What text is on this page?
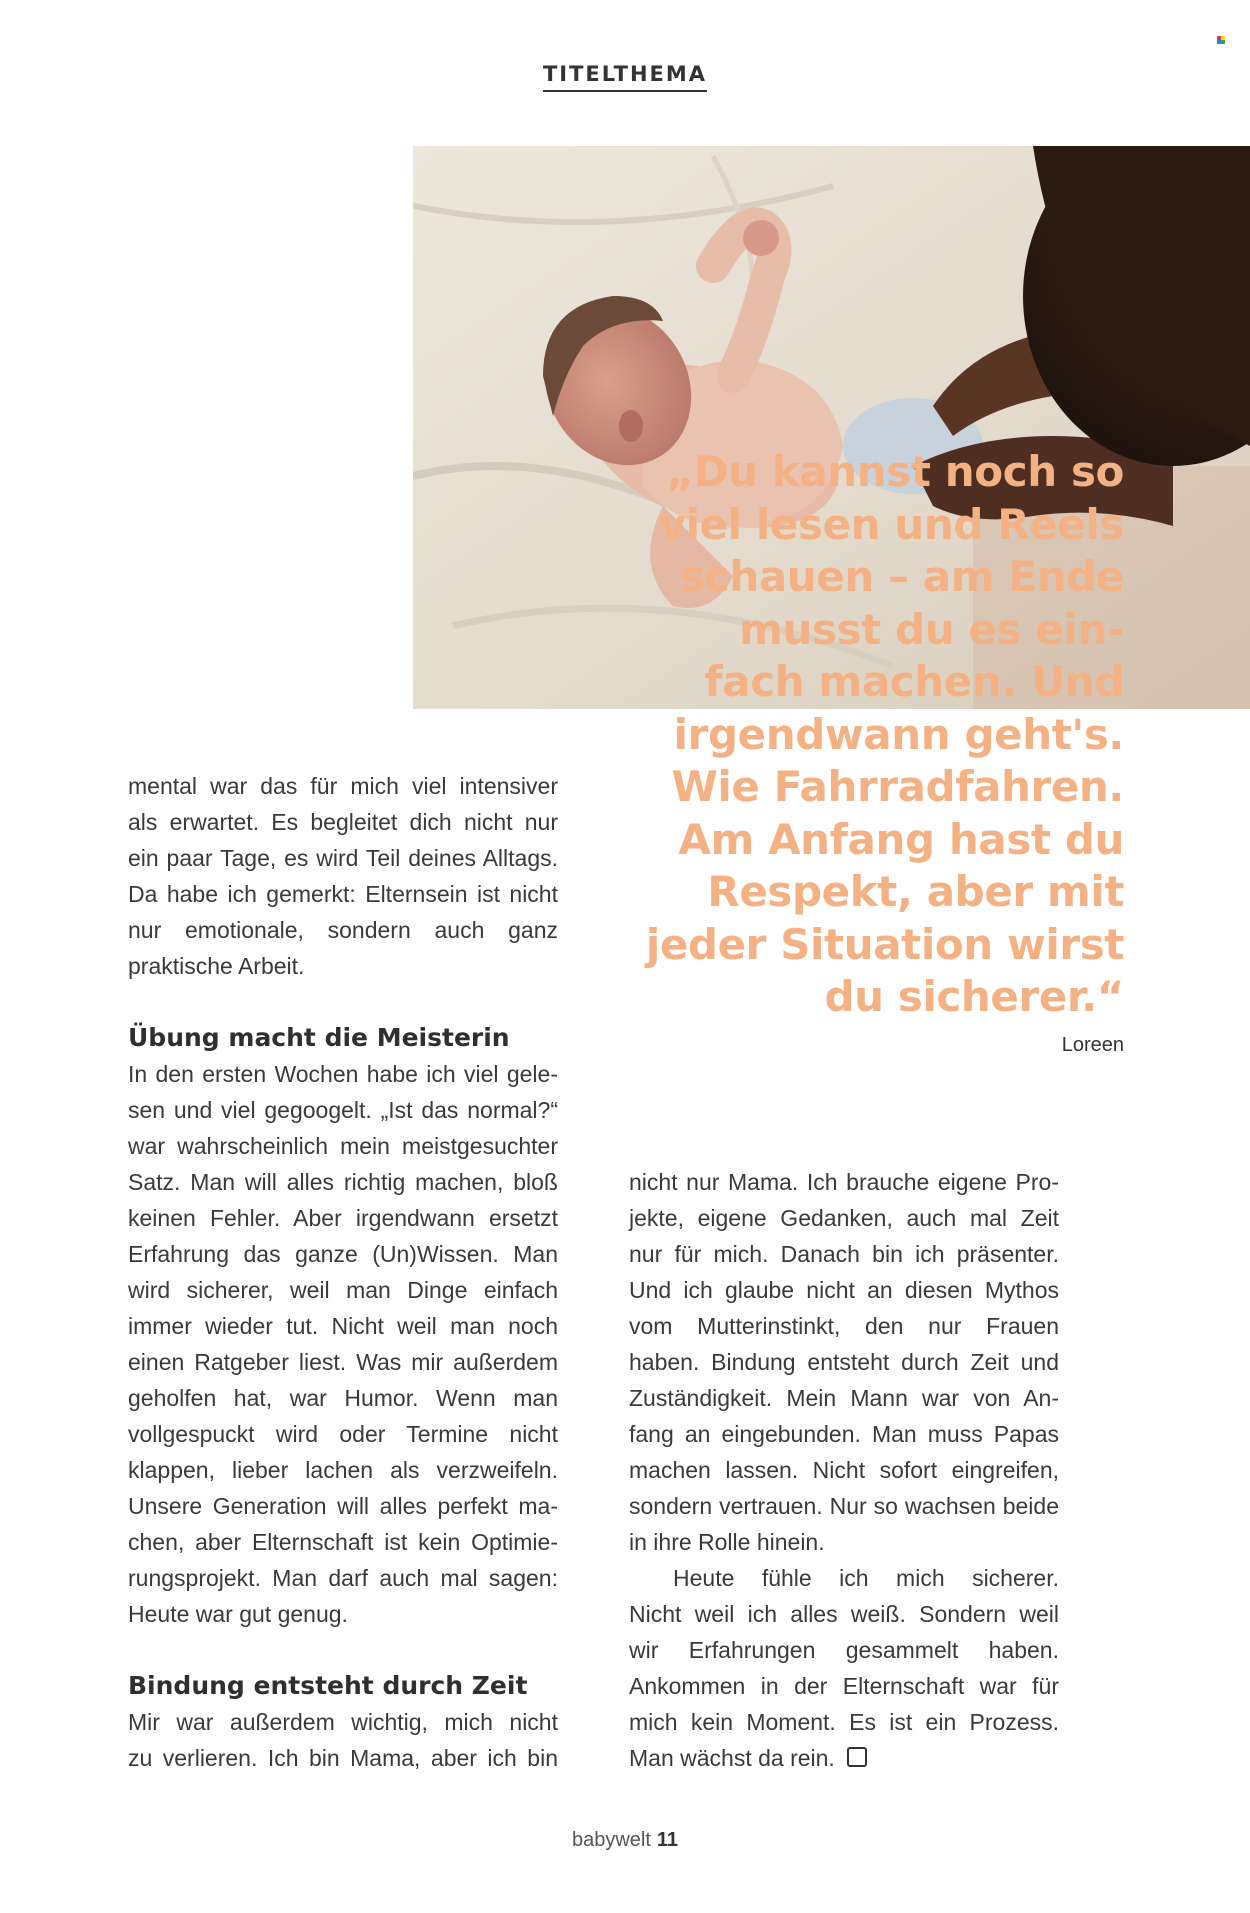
TITELTHEMA
„Du kannst noch so
viel lesen und Reels
schauen – am Ende
musst du es ein-
fach machen. Und
irgendwann geht's.
Wie Fahrradfahren.
Am Anfang hast du
Respekt, aber mit
jeder Situation wirst
du sicherer.“
Loreen
mental war das für mich viel intensiver
als erwartet. Es begleitet dich nicht nur
ein paar Tage, es wird Teil deines Alltags.
Da habe ich gemerkt: Elternsein ist nicht
nur emotionale, sondern auch ganz
praktische Arbeit.
Übung macht die Meisterin
In den ersten Wochen habe ich viel gele-
sen und viel gegoogelt. „Ist das normal?“
war wahrscheinlich mein meistgesuchter
Satz. Man will alles richtig machen, bloß
keinen Fehler. Aber irgendwann ersetzt
Erfahrung das ganze (Un)Wissen. Man
wird sicherer, weil man Dinge einfach
immer wieder tut. Nicht weil man noch
einen Ratgeber liest. Was mir außerdem
geholfen hat, war Humor. Wenn man
vollgespuckt wird oder Termine nicht
klappen, lieber lachen als verzweifeln.
Unsere Generation will alles perfekt ma-
chen, aber Elternschaft ist kein Optimie-
rungsprojekt. Man darf auch mal sagen:
Heute war gut genug.
Bindung entsteht durch Zeit
Mir war außerdem wichtig, mich nicht
zu verlieren. Ich bin Mama, aber ich bin
nicht nur Mama. Ich brauche eigene Pro-
jekte, eigene Gedanken, auch mal Zeit
nur für mich. Danach bin ich präsenter.
Und ich glaube nicht an diesen Mythos
vom Mutterinstinkt, den nur Frauen
haben. Bindung entsteht durch Zeit und
Zuständigkeit. Mein Mann war von An-
fang an eingebunden. Man muss Papas
machen lassen. Nicht sofort eingreifen,
sondern vertrauen. Nur so wachsen beide
in ihre Rolle hinein.
Heute fühle ich mich sicherer.
Nicht weil ich alles weiß. Sondern weil
wir Erfahrungen gesammelt haben.
Ankommen in der Elternschaft war für
mich kein Moment. Es ist ein Prozess.
Man wächst da rein.
babywelt 11
